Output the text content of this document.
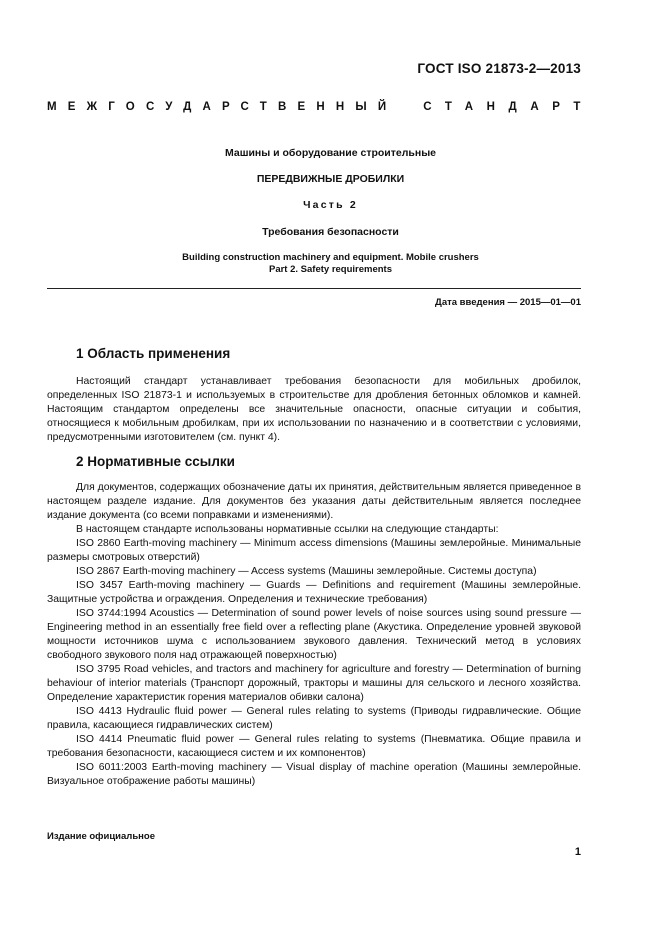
ГОСТ ISO 21873-2—2013
МЕЖГОСУДАРСТВЕННЫЙ СТАНДАРТ
Машины и оборудование строительные
ПЕРЕДВИЖНЫЕ ДРОБИЛКИ
Часть 2
Требования безопасности
Building construction machinery and equipment. Mobile crushers
Part 2. Safety requirements
Дата введения — 2015—01—01
1 Область применения

Настоящий стандарт устанавливает требования безопасности для мобильных дробилок, определенных ISO 21873-1 и используемых в строительстве для дробления бетонных обломков и камней. Настоящим стандартом определены все значительные опасности, опасные ситуации и события, относящиеся к мобильным дробилкам, при их использовании по назначению и в соответствии с условиями, предусмотренными изготовителем (см. пункт 4).

2 Нормативные ссылки

Для документов, содержащих обозначение даты их принятия, действительным является приведенное в настоящем разделе издание. Для документов без указания даты действительным является последнее издание документа (со всеми поправками и изменениями).

В настоящем стандарте использованы нормативные ссылки на следующие стандарты:

ISO 2860 Earth-moving machinery — Minimum access dimensions (Машины землеройные. Минимальные размеры смотровых отверстий)

ISO 2867 Earth-moving machinery — Access systems (Машины землеройные. Системы доступа)

ISO 3457 Earth-moving machinery — Guards — Definitions and requirement (Машины землеройные. Защитные устройства и ограждения. Определения и технические требования)

ISO 3744:1994 Acoustics — Determination of sound power levels of noise sources using sound pressure — Engineering method in an essentially free field over a reflecting plane (Акустика. Определение уровней звуковой мощности источников шума с использованием звукового давления. Технический метод в условиях свободного звукового поля над отражающей поверхностью)

ISO 3795 Road vehicles, and tractors and machinery for agriculture and forestry — Determination of burning behaviour of interior materials (Транспорт дорожный, тракторы и машины для сельского и лесного хозяйства. Определение характеристик горения материалов обивки салона)

ISO 4413 Hydraulic fluid power — General rules relating to systems (Приводы гидравлические. Общие правила, касающиеся гидравлических систем)

ISO 4414 Pneumatic fluid power — General rules relating to systems (Пневматика. Общие правила и требования безопасности, касающиеся систем и их компонентов)

ISO 6011:2003 Earth-moving machinery — Visual display of machine operation (Машины землеройные. Визуальное отображение работы машины)

Издание официальное
1
